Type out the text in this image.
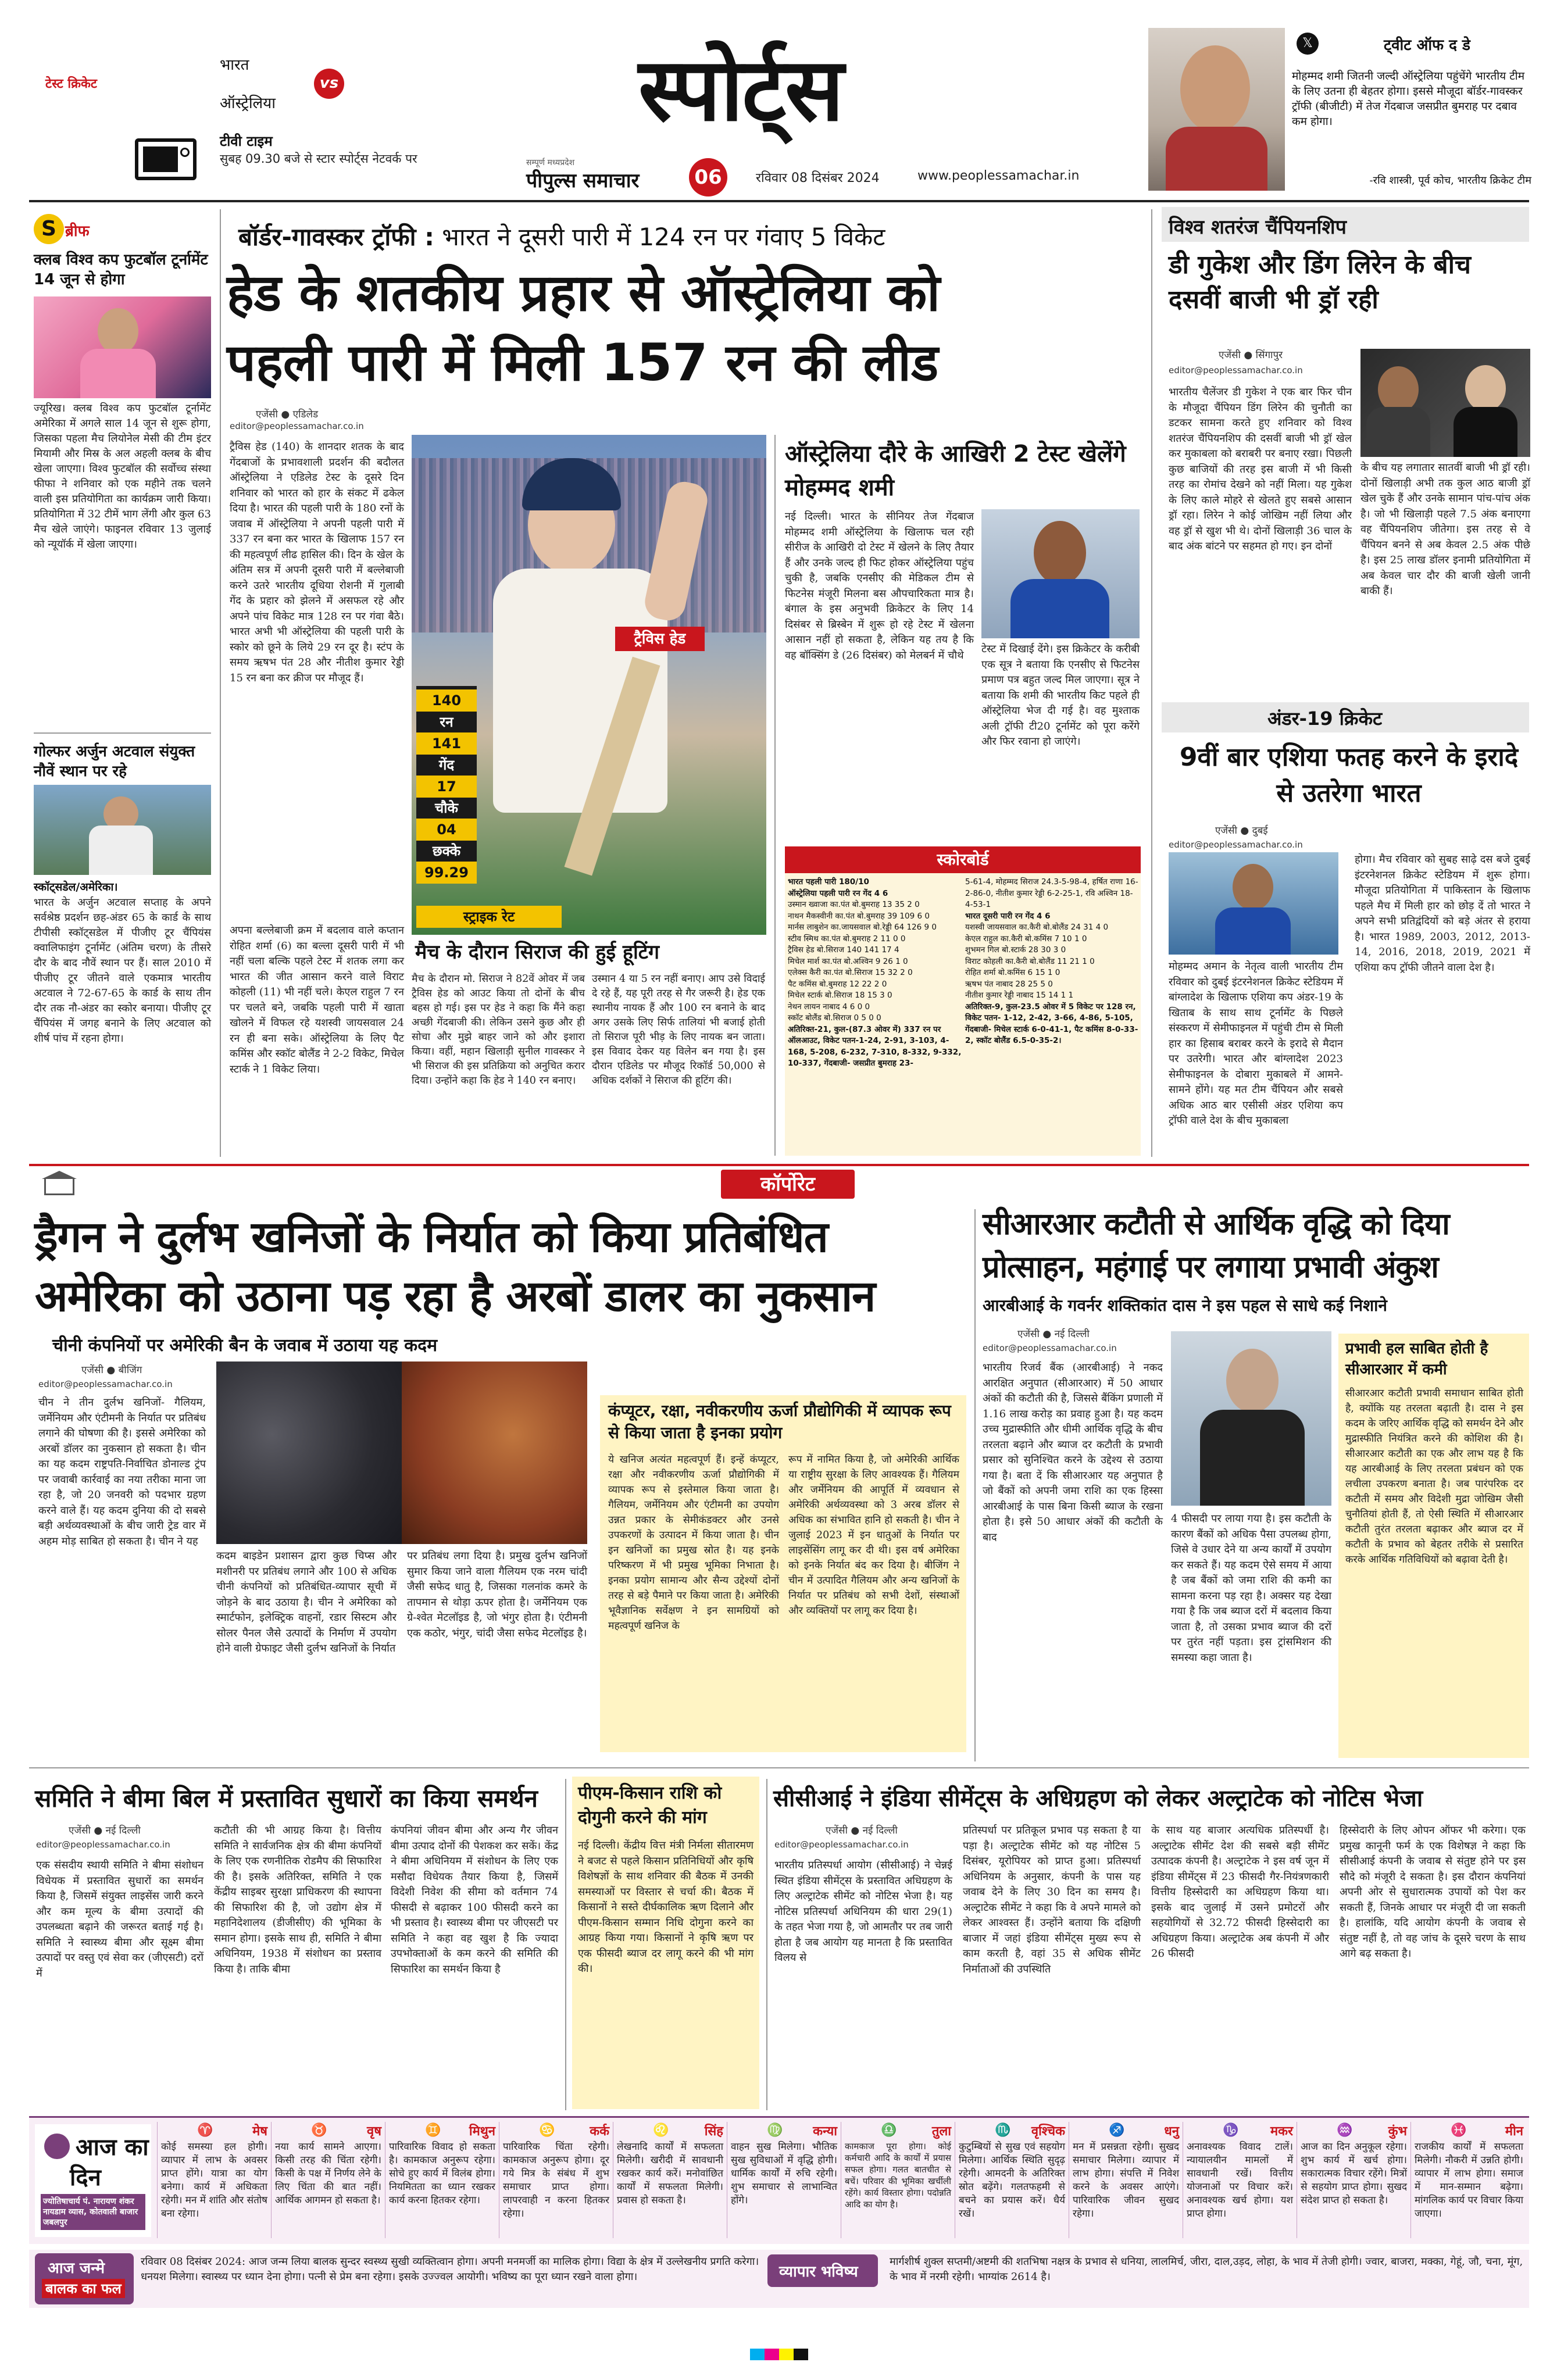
टेस्ट क्रिकेट
भारत
ऑस्ट्रेलिया
vs
टीवी टाइम
सुबह 09.30 बजे से स्टार स्पोर्ट्स नेटवर्क पर
स्पोर्ट्स
सम्पूर्ण मध्यप्रदेश
पीपुल्स समाचार	06	रविवार 08 दिसंबर 2024	www.peoplessamachar.in
𝕏	ट्वीट ऑफ द डे
मोहम्मद शमी जितनी जल्दी ऑस्ट्रेलिया पहुंचेंगे भारतीय टीम के लिए उतना ही बेहतर होगा। इससे मौजूदा बॉर्डर-गावस्कर ट्रॉफी (बीजीटी) में तेज गेंदबाज जसप्रीत बुमराह पर दबाव कम होगा।
-रवि शास्त्री, पूर्व कोच, भारतीय क्रिकेट टीम
S ब्रीफ
क्लब विश्व कप फुटबॉल टूर्नामेंट 14 जून से होगा
ज्यूरिख। क्लब विश्व कप फुटबॉल टूर्नामेंट अमेरिका में अगले साल 14 जून से शुरू होगा, जिसका पहला मैच लियोनेल मेसी की टीम इंटर मियामी और मिस्र के अल अहली क्लब के बीच खेला जाएगा। विश्व फुटबॉल की सर्वोच्च संस्था फीफा ने शनिवार को एक महीने तक चलने वाली इस प्रतियोगिता का कार्यक्रम जारी किया। प्रतियोगिता में 32 टीमें भाग लेंगी और कुल 63 मैच खेले जाएंगे। फाइनल रविवार 13 जुलाई को न्यूयॉर्क में खेला जाएगा।
गोल्फर अर्जुन अटवाल संयुक्त नौवें स्थान पर रहे
स्कॉट्सडेल/अमेरिका।
भारत के अर्जुन अटवाल सप्ताह के अपने सर्वश्रेष्ठ प्रदर्शन छह-अंडर 65 के कार्ड के साथ टीपीसी स्कॉट्सडेल में पीजीए टूर चैंपियंस क्वालिफाइंग टूर्नामेंट (अंतिम चरण) के तीसरे दौर के बाद नौवें स्थान पर हैं। साल 2010 में पीजीए टूर जीतने वाले एकमात्र भारतीय अटवाल ने 72-67-65 के कार्ड के साथ तीन दौर तक नौ-अंडर का स्कोर बनाया। पीजीए टूर चैंपियंस में जगह बनाने के लिए अटवाल को शीर्ष पांच में रहना होगा।
बॉर्डर-गावस्कर ट्रॉफी : भारत ने दूसरी पारी में 124 रन पर गंवाए 5 विकेट
हेड के शतकीय प्रहार से ऑस्ट्रेलिया को
पहली पारी में मिली 157 रन की लीड
एजेंसी ● एडिलेड
editor@peoplessamachar.co.in
ट्रैविस हेड (140) के शानदार शतक के बाद गेंदबाजों के प्रभावशाली प्रदर्शन की बदौलत ऑस्ट्रेलिया ने एडिलेड टेस्ट के दूसरे दिन शनिवार को भारत को हार के संकट में ढकेल दिया है। भारत की पहली पारी के 180 रनों के जवाब में ऑस्ट्रेलिया ने अपनी पहली पारी में 337 रन बना कर भारत के खिलाफ 157 रन की महत्वपूर्ण लीढ हासिल की। दिन के खेल के अंतिम सत्र में अपनी दूसरी पारी में बल्लेबाजी करने उतरे भारतीय दूधिया रोशनी में गुलाबी गेंद के प्रहार को झेलने में असफल रहे और अपने पांच विकेट मात्र 128 रन पर गंवा बैठे। भारत अभी भी ऑस्ट्रेलिया की पहली पारी के स्कोर को छूने के लिये 29 रन दूर है। स्टंप के समय ऋषभ पंत 28 और नीतीश कुमार रेड्डी 15 रन बना कर क्रीज पर मौजूद हैं।
अपना बल्लेबाजी क्रम में बदलाव वाले कप्तान रोहित शर्मा (6) का बल्ला दूसरी पारी में भी नहीं चला बल्कि पहले टेस्ट में शतक लगा कर भारत की जीत आसान करने वाले विराट कोहली (11) भी नहीं चले। केएल राहुल 7 रन पर चलते बने, जबकि पहली पारी में खाता खोलने में विफल रहे यशस्वी जायसवाल 24 रन ही बना सके। ऑस्ट्रेलिया के लिए पैट कमिंस और स्कॉट बोलैंड ने 2-2 विकेट, मिचेल स्टार्क ने 1 विकेट लिया।
ट्रैविस हेड
140
रन
141
गेंद
17
चौके
04
छक्के
99.29
स्ट्राइक रेट
मैच के दौरान सिराज की हुई हूटिंग
मैच के दौरान मो. सिराज ने 82वें ओवर में जब ट्रैविस हेड को आउट किया तो दोनों के बीच बहस हो गई। इस पर हेड ने कहा कि मैंने कहा अच्छी गेंदबाजी की। लेकिन उसने कुछ और ही सोचा और मुझे बाहर जाने को और इशारा किया। वहीं, महान खिलाड़ी सुनील गावस्कर ने भी सिराज की इस प्रतिक्रिया को अनुचित करार दिया। उन्होंने कहा कि हेड ने 140 रन बनाए।
उस्मान 4 या 5 रन नहीं बनाए। आप उसे विदाई दे रहे हैं, यह पूरी तरह से गैर जरूरी है। हेड एक स्थानीय नायक हैं और 100 रन बनाने के बाद अगर उसके लिए सिर्फ तालियां भी बजाई होती तो सिराज पूरी भीड़ के लिए नायक बन जाता। इस विवाद देकर यह विलेन बन गया है। इस दौरान एडिलेड पर मौजूद रिकॉर्ड 50,000 से अधिक दर्शकों ने सिराज की हूटिंग की।
ऑस्ट्रेलिया दौरे के आखिरी 2 टेस्ट खेलेंगे मोहम्मद शमी
नई दिल्ली। भारत के सीनियर तेज गेंदबाज मोहम्मद शमी ऑस्ट्रेलिया के खिलाफ चल रही सीरीज के आखिरी दो टेस्ट में खेलने के लिए तैयार हैं और उनके जल्द ही फिट होकर ऑस्ट्रेलिया पहुंच चुकी है, जबकि एनसीए की मेडिकल टीम से फिटनेस मंजूरी मिलना बस औपचारिकता मात्र है। बंगाल के इस अनुभवी क्रिकेटर के लिए 14 दिसंबर से ब्रिस्बेन में शुरू हो रहे टेस्ट में खेलना आसान नहीं हो सकता है, लेकिन यह तय है कि वह बॉक्सिंग डे (26 दिसंबर) को मेलबर्न में चौथे	टेस्ट में दिखाई देंगे। इस क्रिकेटर के करीबी एक सूत्र ने बताया कि एनसीए से फिटनेस प्रमाण पत्र बहुत जल्द मिल जाएगा। सूत्र ने बताया कि शमी की भारतीय किट पहले ही ऑस्ट्रेलिया भेज दी गई है। वह मुश्ताक अली ट्रॉफी टी20 टूर्नामेंट को पूरा करेंगे और फिर रवाना हो जाएंगे।
स्कोरबोर्ड
भारत पहली पारी 180/10
ऑस्ट्रेलिया पहली पारी रन गेंद 4 6
उस्मान ख्वाजा का.पंत बो.बुमराह 13 35 2 0
नाथन मैकस्वीनी का.पंत बो.बुमराह 39 109 6 0
मार्नस लाबुशेन का.जायसवाल बो.रेड्डी 64 126 9 0
स्टीव स्मिथ का.पंत बो.बुमराह 2 11 0 0
ट्रैविस हेड बो.सिराज 140 141 17 4
मिचेल मार्श का.पंत बो.अश्विन 9 26 1 0
एलेक्स कैरी का.पंत बो.सिराज 15 32 2 0
पैट कमिंस बो.बुमराह 12 22 2 0
मिचेल स्टार्क बो.सिराज 18 15 3 0
नेथन लायन नाबाद 4 6 0 0
स्कॉट बोलैंड बो.सिराज 0 5 0 0
अतिरिक्त-21, कुल-(87.3 ओवर में) 337 रन पर ऑलआउट, विकेट पतन-1-24, 2-91, 3-103, 4-168, 5-208, 6-232, 7-310, 8-332, 9-332, 10-337, गेंदबाजी- जसप्रीत बुमराह 23-
5-61-4, मोहम्मद सिराज 24.3-5-98-4, हर्षित राणा 16-2-86-0, नीतीश कुमार रेड्डी 6-2-25-1, रवि अश्विन 18-4-53-1
भारत दूसरी पारी रन गेंद 4 6
यशस्वी जायसवाल का.कैरी बो.बोलैंड 24 31 4 0
केएल राहुल का.कैरी बो.कमिंस 7 10 1 0
शुभमन गिल बो.स्टार्क 28 30 3 0
विराट कोहली का.कैरी बो.बोलैंड 11 21 1 0
रोहित शर्मा बो.कमिंस 6 15 1 0
ऋषभ पंत नाबाद 28 25 5 0
नीतीश कुमार रेड्डी नाबाद 15 14 1 1
अतिरिक्त-9, कुल-23.5 ओवर में 5 विकेट पर 128 रन, विकेट पतन- 1-12, 2-42, 3-66, 4-86, 5-105, गेंदबाजी- मिचेल स्टार्क 6-0-41-1, पैट कमिंस 8-0-33-2, स्कॉट बोलैंड 6.5-0-35-2।
विश्व शतरंज चैंपियनशिप
डी गुकेश और डिंग लिरेन के बीच दसवीं बाजी भी ड्रॉ रही
एजेंसी ● सिंगापुर
editor@peoplessamachar.co.in
भारतीय चैलेंजर डी गुकेश ने एक बार फिर चीन के मौजूदा चैंपियन डिंग लिरेन की चुनौती का डटकर सामना करते हुए शनिवार को विश्व शतरंज चैंपियनशिप की दसवीं बाजी भी ड्रॉ खेल कर मुकाबला को बराबरी पर बनाए रखा। पिछली कुछ बाजियों की तरह इस बाजी में भी किसी तरह का रोमांच देखने को नहीं मिला। यह गुकेश के लिए काले मोहरे से खेलते हुए सबसे आसान ड्रॉ रहा। लिरेन ने कोई जोखिम नहीं लिया और वह ड्रॉ से खुश भी थे। दोनों खिलाड़ी 36 चाल के बाद अंक बांटने पर सहमत हो गए। इन दोनों
के बीच यह लगातार सातवीं बाजी भी ड्रॉ रही। दोनों खिलाड़ी अभी तक कुल आठ बाजी ड्रॉ खेल चुके हैं और उनके सामान पांच-पांच अंक है। जो भी खिलाड़ी पहले 7.5 अंक बनाएगा वह चैंपियनशिप जीतेगा। इस तरह से वे चैंपियन बनने से अब केवल 2.5 अंक पीछे है। इस 25 लाख डॉलर इनामी प्रतियोगिता में अब केवल चार दौर की बाजी खेली जानी बाकी हैं।
अंडर-19 क्रिकेट
9वीं बार एशिया फतह करने के इरादे से उतरेगा भारत
एजेंसी ● दुबई
editor@peoplessamachar.co.in
मोहम्मद अमान के नेतृत्व वाली भारतीय टीम रविवार को दुबई इंटरनेशनल क्रिकेट स्टेडियम में बांग्लादेश के खिलाफ एशिया कप अंडर-19 के खिताब के साथ साथ टूर्नामेंट के पिछले संस्करण में सेमीफाइनल में पहुंची टीम से मिली हार का हिसाब बराबर करने के इरादे से मैदान पर उतरेगी। भारत और बांग्लादेश 2023 सेमीफाइनल के दोबारा मुकाबले में आमने-सामने होंगे। यह मत टीम चैंपियन और सबसे अधिक आठ बार एसीसी अंडर एशिया कप ट्रॉफी वाले देश के बीच मुकाबला
होगा। मैच रविवार को सुबह साढ़े दस बजे दुबई इंटरनेशनल क्रिकेट स्टेडियम में शुरू होगा। मौजूदा प्रतियोगिता में पाकिस्तान के खिलाफ पहले मैच में मिली हार को छोड़ दें तो भारत ने अपने सभी प्रतिद्वंदियों को बड़े अंतर से हराया है। भारत 1989, 2003, 2012, 2013-14, 2016, 2018, 2019, 2021 में एशिया कप ट्रॉफी जीतने वाला देश है।
कॉर्पोरेट
ड्रैगन ने दुर्लभ खनिजों के निर्यात को किया प्रतिबंधित
अमेरिका को उठाना पड़ रहा है अरबों डालर का नुकसान
चीनी कंपनियों पर अमेरिकी बैन के जवाब में उठाया यह कदम
एजेंसी ● बीजिंग
editor@peoplessamachar.co.in
चीन ने तीन दुर्लभ खनिजों- गैलियम, जर्मेनियम और एंटीमनी के निर्यात पर प्रतिबंध लगाने की घोषणा की है। इससे अमेरिका को अरबों डॉलर का नुकसान हो सकता है। चीन का यह कदम राष्ट्रपति-निर्वाचित डोनाल्ड ट्रंप पर जवाबी कार्रवाई का नया तरीका माना जा रहा है, जो 20 जनवरी को पदभार ग्रहण करने वाले हैं। यह कदम दुनिया की दो सबसे बड़ी अर्थव्यवस्थाओं के बीच जारी ट्रेड वार में अहम मोड़ साबित हो सकता है। चीन ने यह
कदम बाइडेन प्रशासन द्वारा कुछ चिप्स और मशीनरी पर प्रतिबंध लगाने और 100 से अधिक चीनी कंपनियों को प्रतिबंधित-व्यापार सूची में जोड़ने के बाद उठाया है। चीन ने अमेरिका को स्मार्टफोन, इलेक्ट्रिक वाहनों, रडार सिस्टम और सोलर पैनल जैसे उत्पादों के निर्माण में उपयोग होने वाली ग्रेफाइट जैसी दुर्लभ खनिजों के निर्यात
पर प्रतिबंध लगा दिया है। प्रमुख दुर्लभ खनिजों सुमार किया जाने वाला गैलियम एक नरम चांदी जैसी सफेद धातु है, जिसका गलनांक कमरे के तापमान से थोड़ा ऊपर होता है। जर्मेनियम एक ग्रे-श्वेत मेटलॉइड है, जो भंगुर होता है। एंटीमनी एक कठोर, भंगुर, चांदी जैसा सफेद मेटलॉइड है।
कंप्यूटर, रक्षा, नवीकरणीय ऊर्जा प्रौद्योगिकी में व्यापक रूप से किया जाता है इनका प्रयोग
ये खनिज अत्यंत महत्वपूर्ण हैं। इन्हें कंप्यूटर, रक्षा और नवीकरणीय ऊर्जा प्रौद्योगिकी में व्यापक रूप से इस्तेमाल किया जाता है। गैलियम, जर्मेनियम और एंटीमनी का उपयोग उन्नत प्रकार के सेमीकंडक्टर और उनसे उपकरणों के उत्पादन में किया जाता है। चीन इन खनिजों का प्रमुख स्रोत है। यह इनके परिष्करण में भी प्रमुख भूमिका निभाता है। इनका प्रयोग सामान्य और सैन्य उद्देश्यों दोनों तरह से बड़े पैमाने पर किया जाता है। अमेरिकी भूवैज्ञानिक सर्वेक्षण ने इन सामग्रियों को महत्वपूर्ण खनिज के
रूप में नामित किया है, जो अमेरिकी आर्थिक या राष्ट्रीय सुरक्षा के लिए आवश्यक हैं। गैलियम और जर्मेनियम की आपूर्ति में व्यवधान से अमेरिकी अर्थव्यवस्था को 3 अरब डॉलर से अधिक का संभावित हानि हो सकती है। चीन ने जुलाई 2023 में इन धातुओं के निर्यात पर लाइसेंसिंग लागू कर दी थी। इस वर्ष अमेरिका को इनके निर्यात बंद कर दिया है। बीजिंग ने चीन में उत्पादित गैलियम और अन्य खनिजों के निर्यात पर प्रतिबंध को सभी देशों, संस्थाओं और व्यक्तियों पर लागू कर दिया है।
सीआरआर कटौती से आर्थिक वृद्धि को दिया
प्रोत्साहन, महंगाई पर लगाया प्रभावी अंकुश
आरबीआई के गवर्नर शक्तिकांत दास ने इस पहल से साधे कई निशाने
एजेंसी ● नई दिल्ली
editor@peoplessamachar.co.in
भारतीय रिजर्व बैंक (आरबीआई) ने नकद आरक्षित अनुपात (सीआरआर) में 50 आधार अंकों की कटौती की है, जिससे बैंकिंग प्रणाली में 1.16 लाख करोड़ का प्रवाह हुआ है। यह कदम उच्च मुद्रास्फीति और धीमी आर्थिक वृद्धि के बीच तरलता बढ़ाने और ब्याज दर कटौती के प्रभावी प्रसार को सुनिश्चित करने के उद्देश्य से उठाया गया है। बता दें कि सीआरआर यह अनुपात है जो बैंकों को अपनी जमा राशि का एक हिस्सा आरबीआई के पास बिना किसी ब्याज के रखना होता है। इसे 50 आधार अंकों की कटौती के बाद
4 फीसदी पर लाया गया है। इस कटौती के कारण बैंकों को अधिक पैसा उपलब्ध होगा, जिसे वे उधार देने या अन्य कार्यों में उपयोग कर सकते हैं। यह कदम ऐसे समय में आया है जब बैंकों को जमा राशि की कमी का सामना करना पड़ रहा है। अक्सर यह देखा गया है कि जब ब्याज दरों में बदलाव किया जाता है, तो उसका प्रभाव ब्याज की दरों पर तुरंत नहीं पड़ता। इस ट्रांसमिशन की समस्या कहा जाता है।
प्रभावी हल साबित होती है सीआरआर में कमी
सीआरआर कटौती प्रभावी समाधान साबित होती है, क्योंकि यह तरलता बढ़ाती है। दास ने इस कदम के जरिए आर्थिक वृद्धि को समर्थन देने और मुद्रास्फीति नियंत्रित करने की कोशिश की है। सीआरआर कटौती का एक और लाभ यह है कि यह आरबीआई के लिए तरलता प्रबंधन को एक लचीला उपकरण बनाता है। जब पारंपरिक दर कटौती में समय और विदेशी मुद्रा जोखिम जैसी चुनौतियां होती हैं, तो ऐसी स्थिति में सीआरआर कटौती तुरंत तरलता बढ़ाकर और ब्याज दर में कटौती के प्रभाव को बेहतर तरीके से प्रसारित करके आर्थिक गतिविधियों को बढ़ावा देती है।
समिति ने बीमा बिल में प्रस्तावित सुधारों का किया समर्थन
एजेंसी ● नई दिल्ली
editor@peoplessamachar.co.in
एक संसदीय स्थायी समिति ने बीमा संशोधन विधेयक में प्रस्तावित सुधारों का समर्थन किया है, जिसमें संयुक्त लाइसेंस जारी करने और कम मूल्य के बीमा उत्पादों की उपलब्धता बढ़ाने की जरूरत बताई गई है। समिति ने स्वास्थ्य बीमा और सूक्ष्म बीमा उत्पादों पर वस्तु एवं सेवा कर (जीएसटी) दरों में
कटौती की भी आग्रह किया है। वित्तीय समिति ने सार्वजनिक क्षेत्र की बीमा कंपनियों के लिए एक रणनीतिक रोडमैप की सिफारिश की है। इसके अतिरिक्त, समिति ने एक केंद्रीय साइबर सुरक्षा प्राधिकरण की स्थापना की सिफारिश की है, जो उद्योग क्षेत्र में महानिदेशालय (डीजीसीए) की भूमिका के समान होगा। इसके साथ ही, समिति ने बीमा अधिनियम, 1938 में संशोधन का प्रस्ताव किया है। ताकि बीमा
कंपनियां जीवन बीमा और अन्य गैर जीवन बीमा उत्पाद दोनों की पेशकश कर सकें। केंद्र ने बीमा अधिनियम में संशोधन के लिए एक मसौदा विधेयक तैयार किया है, जिसमें विदेशी निवेश की सीमा को वर्तमान 74 फीसदी से बढ़ाकर 100 फीसदी करने का भी प्रस्ताव है। स्वास्थ्य बीमा पर जीएसटी पर समिति ने कहा वह खुश है कि ज्यादा उपभोक्ताओं के कम करने की समिति की सिफारिश का समर्थन किया है
पीएम-किसान राशि को दोगुनी करने की मांग
नई दिल्ली। केंद्रीय वित्त मंत्री निर्मला सीतारमण ने बजट से पहले किसान प्रतिनिधियों और कृषि विशेषज्ञों के साथ शनिवार की बैठक में उनकी समस्याओं पर विस्तार से चर्चा की। बैठक में किसानों ने सस्ते दीर्घकालिक ऋण दिलाने और पीएम-किसान सम्मान निधि दोगुना करने का आग्रह किया गया। किसानों ने कृषि ऋण पर एक फीसदी ब्याज दर लागू करने की भी मांग की।
सीसीआई ने इंडिया सीमेंट्स के अधिग्रहण को लेकर अल्ट्राटेक को नोटिस भेजा
एजेंसी ● नई दिल्ली
editor@peoplessamachar.co.in
भारतीय प्रतिस्पर्धा आयोग (सीसीआई) ने चेन्नई स्थित इंडिया सीमेंट्स के प्रस्तावित अधिग्रहण के लिए अल्ट्राटेक सीमेंट को नोटिस भेजा है। यह नोटिस प्रतिस्पर्धा अधिनियम की धारा 29(1) के तहत भेजा गया है, जो आमतौर पर तब जारी होता है जब आयोग यह मानता है कि प्रस्तावित विलय से
प्रतिस्पर्धा पर प्रतिकूल प्रभाव पड़ सकता है या पड़ा है। अल्ट्राटेक सीमेंट को यह नोटिस 5 दिसंबर, यूरोपियर को प्राप्त हुआ। प्रतिस्पर्धा अधिनियम के अनुसार, कंपनी के पास यह जवाब देने के लिए 30 दिन का समय है। अल्ट्राटेक सीमेंट ने कहा कि वे अपने मामले को लेकर आश्वस्त हैं। उन्होंने बताया कि दक्षिणी बाजार में जहां इंडिया सीमेंट्स मुख्य रूप से काम करती है, वहां 35 से अधिक सीमेंट निर्माताओं की उपस्थिति
के साथ यह बाजार अत्यधिक प्रतिस्पर्धी है। अल्ट्राटेक सीमेंट देश की सबसे बड़ी सीमेंट उत्पादक कंपनी है। अल्ट्राटेक ने इस वर्ष जून में इंडिया सीमेंट्स में 23 फीसदी गैर-नियंत्रणकारी वित्तीय हिस्सेदारी का अधिग्रहण किया था। इसके बाद जुलाई में उसने प्रमोटरों और सहयोगियों से 32.72 फीसदी हिस्सेदारी का अधिग्रहण किया। अल्ट्राटेक अब कंपनी में और 26 फीसदी
हिस्सेदारी के लिए ओपन ऑफर भी करेगा। एक प्रमुख कानूनी फर्म के एक विशेषज्ञ ने कहा कि सीसीआई कंपनी के जवाब से संतुष्ट होने पर इस सौदे को मंजूरी दे सकता है। इस दौरान कंपनियां अपनी ओर से सुधारात्मक उपायों को पेश कर सकती हैं, जिनके आधार पर मंजूरी दी जा सकती है। हालांकि, यदि आयोग कंपनी के जवाब से संतुष्ट नहीं है, तो वह जांच के दूसरे चरण के साथ आगे बढ़ सकता है।
आज का
दिन
ज्योतिषाचार्य पं. नारायण शंकर नायडाम व्यास, कोतवाली बाजार जबलपुर
♈	मेष
कोई समस्या हल होगी। व्यापार में लाभ के अवसर प्राप्त होंगे। यात्रा का योग बनेगा। कार्य में अधिकता रहेगी। मन में शांति और संतोष बना रहेगा।
♉	वृष
नया कार्य सामने आएगा। किसी तरह की चिंता रहेगी। किसी के पक्ष में निर्णय लेने के लिए चिंता की बात नहीं। आर्थिक आगमन हो सकता है।
♊	मिथुन
पारिवारिक विवाद हो सकता है। कामकाज अनुरूप रहेगा। सोचे हुए कार्य में विलंब होगा। नियमितता का ध्यान रखकर कार्य करना हितकर रहेगा।
♋	कर्क
पारिवारिक चिंता रहेगी। कामकाज अनुरूप होगा। दूर गये मित्र के संबंध में शुभ समाचार प्राप्त होगा। लापरवाही न करना हितकर रहेगा।
♌	सिंह
लेखनादि कार्यों में सफलता मिलेगी। खरीदी में सावधानी रखकर कार्य करें। मनोवांछित कार्यों में सफलता मिलेगी। प्रवास हो सकता है।
♍	कन्या
वाहन सुख मिलेगा। भौतिक सुख सुविधाओं में वृद्धि होगी। धार्मिक कार्यों में रुचि रहेगी। शुभ समाचार से लाभान्वित होंगे।
♎	तुला
कामकाज पूरा होगा। कोई कर्मचारी आदि के कार्यों में प्रयास सफल होगा। गलत बातचीत से बचें। परिवार की भूमिका खर्चीली रहेंगे। कार्य विस्तार होगा। पदोन्नति आदि का योग है।
♏	वृश्चिक
कुटुम्बियों से सुख एवं सहयोग मिलेगा। आर्थिक स्थिति सुदृढ़ रहेगी। आमदनी के अतिरिक्त स्रोत बढ़ेंगे। गलतफहमी से बचने का प्रयास करें। धैर्य रखें।
♐	धनु
मन में प्रसन्नता रहेगी। सुखद समाचार मिलेगा। व्यापार में लाभ होगा। संपत्ति में निवेश करने के अवसर आएंगे। पारिवारिक जीवन सुखद रहेगा।
♑	मकर
अनावश्यक विवाद टालें। न्यायालयीन मामलों में सावधानी रखें। वित्तीय योजनाओं पर विचार करें। अनावश्यक खर्च होगा। यश प्राप्त होगा।
♒	कुंभ
आज का दिन अनुकूल रहेगा। शुभ कार्य में खर्च होगा। सकारात्मक विचार रहेंगे। मित्रों से सहयोग प्राप्त होगा। सुखद संदेश प्राप्त हो सकता है।
♓	मीन
राजकीय कार्यों में सफलता मिलेगी। नौकरी में उन्नति होगी। व्यापार में लाभ होगा। समाज में मान-सम्मान बढ़ेगा। मांगलिक कार्य पर विचार किया जाएगा।
आज जन्मे
बालक का फल
रविवार 08 दिसंबर 2024: आज जन्म लिया बालक सुन्दर स्वस्थ्य सुखी व्यक्तित्वान होगा। अपनी मनमर्जी का मालिक होगा। विद्या के क्षेत्र में उल्लेखनीय प्रगति करेगा। धनयश मिलेगा। स्वास्थ्य पर ध्यान देना होगा। पत्नी से प्रेम बना रहेगा। इसके उज्ज्वल आयोगी। भविष्य का पूरा ध्यान रखने वाला होगा।	व्यापार भविष्य
मार्गशीर्ष शुक्ल सप्तमी/अष्टमी की शतभिषा नक्षत्र के प्रभाव से धनिया, लालमिर्च, जीरा, दाल,उड़द, लोहा, के भाव में तेजी होगी। ज्वार, बाजरा, मक्का, गेहूं, जौ, चना, मूंग, के भाव में नरमी रहेगी। भाग्यांक 2614 है।
